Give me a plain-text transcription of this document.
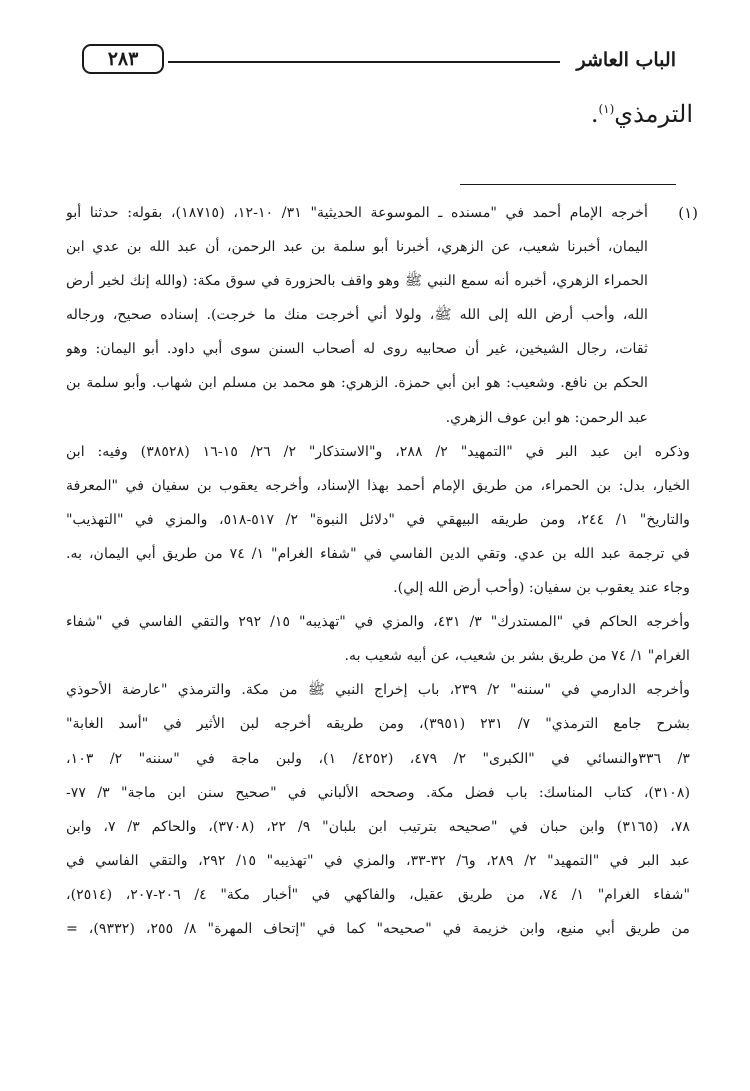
٢٨٣	الباب العاشر
الترمذي$^{(١)}$.
(١)
أخرجه الإمام أحمد في "مسنده ـ الموسوعة الحديثية" ٣١/ ١٠-١٢، (١٨٧١٥)، بقوله: حدثنا أبو
اليمان، أخبرنا شعيب، عن الزهري، أخبرنا أبو سلمة بن عبد الرحمن، أن عبد الله بن عدي ابن
الحمراء الزهري، أخبره أنه سمع النبي ﷺ وهو واقف بالحزورة في سوق مكة: (والله إنك لخير أرض
الله، وأحب أرض الله إلى الله ﷺ، ولولا أني أخرجت منك ما خرجت). إسناده صحيح، ورجاله
ثقات، رجال الشيخين، غير أن صحابيه روى له أصحاب السنن سوى أبي داود. أبو اليمان: وهو
الحكم بن نافع. وشعيب: هو ابن أبي حمزة. الزهري: هو محمد بن مسلم ابن شهاب. وأبو سلمة بن
عبد الرحمن: هو ابن عوف الزهري.
وذكره ابن عبد البر في "التمهيد" ٢/ ٢٨٨، و"الاستذكار" ٢/ ٢٦/ ١٥-١٦ (٣٨٥٢٨) وفيه: ابن
الخيار، بدل: بن الحمراء، من طريق الإمام أحمد بهذا الإسناد، وأخرجه يعقوب بن سفيان في "المعرفة
والتاريخ" ١/ ٢٤٤، ومن طريقه البيهقي في "دلائل النبوة" ٢/ ٥١٧-٥١٨، والمزي في "التهذيب"
في ترجمة عبد الله بن عدي. وتقي الدين الفاسي في "شفاء الغرام" ١/ ٧٤ من طريق أبي اليمان، به.
وجاء عند يعقوب بن سفيان: (وأحب أرض الله إلي).
وأخرجه الحاكم في "المستدرك" ٣/ ٤٣١، والمزي في "تهذيبه" ١٥/ ٢٩٢ والتقي الفاسي في "شفاء
الغرام" ١/ ٧٤ من طريق بشر بن شعيب، عن أبيه شعيب به.
وأخرجه الدارمي في "سننه" ٢/ ٢٣٩، باب إخراج النبي ﷺ من مكة. والترمذي "عارضة الأحوذي
بشرح جامع الترمذي" ٧/ ٢٣١ (٣٩٥١)، ومن طريقه أخرجه لبن الأثير في "أسد الغابة"
٣/ ٣٣٦والنسائي في "الكبرى" ٢/ ٤٧٩، (٤٢٥٢/ ١)، ولبن ماجة في "سننه" ٢/ ١٠٣،
(٣١٠٨)، كتاب المناسك: باب فضل مكة. وصححه الألباني في "صحيح سنن ابن ماجة" ٣/ ٧٧-
٧٨، (٣١٦٥) وابن حبان في "صحيحه بترتيب ابن بلبان" ٩/ ٢٢، (٣٧٠٨)، والحاكم ٣/ ٧، وابن
عبد البر في "التمهيد" ٢/ ٢٨٩، و٦/ ٣٢-٣٣، والمزي في "تهذيبه" ١٥/ ٢٩٢، والتقي الفاسي في
"شفاء الغرام" ١/ ٧٤، من طريق عقيل، والفاكهي في "أخبار مكة" ٤/ ٢٠٦-٢٠٧، (٢٥١٤)،
من طريق أبي منيع، وابن خزيمة في "صحيحه" كما في "إتحاف المهرة" ٨/ ٢٥٥، (٩٣٣٢)، =
